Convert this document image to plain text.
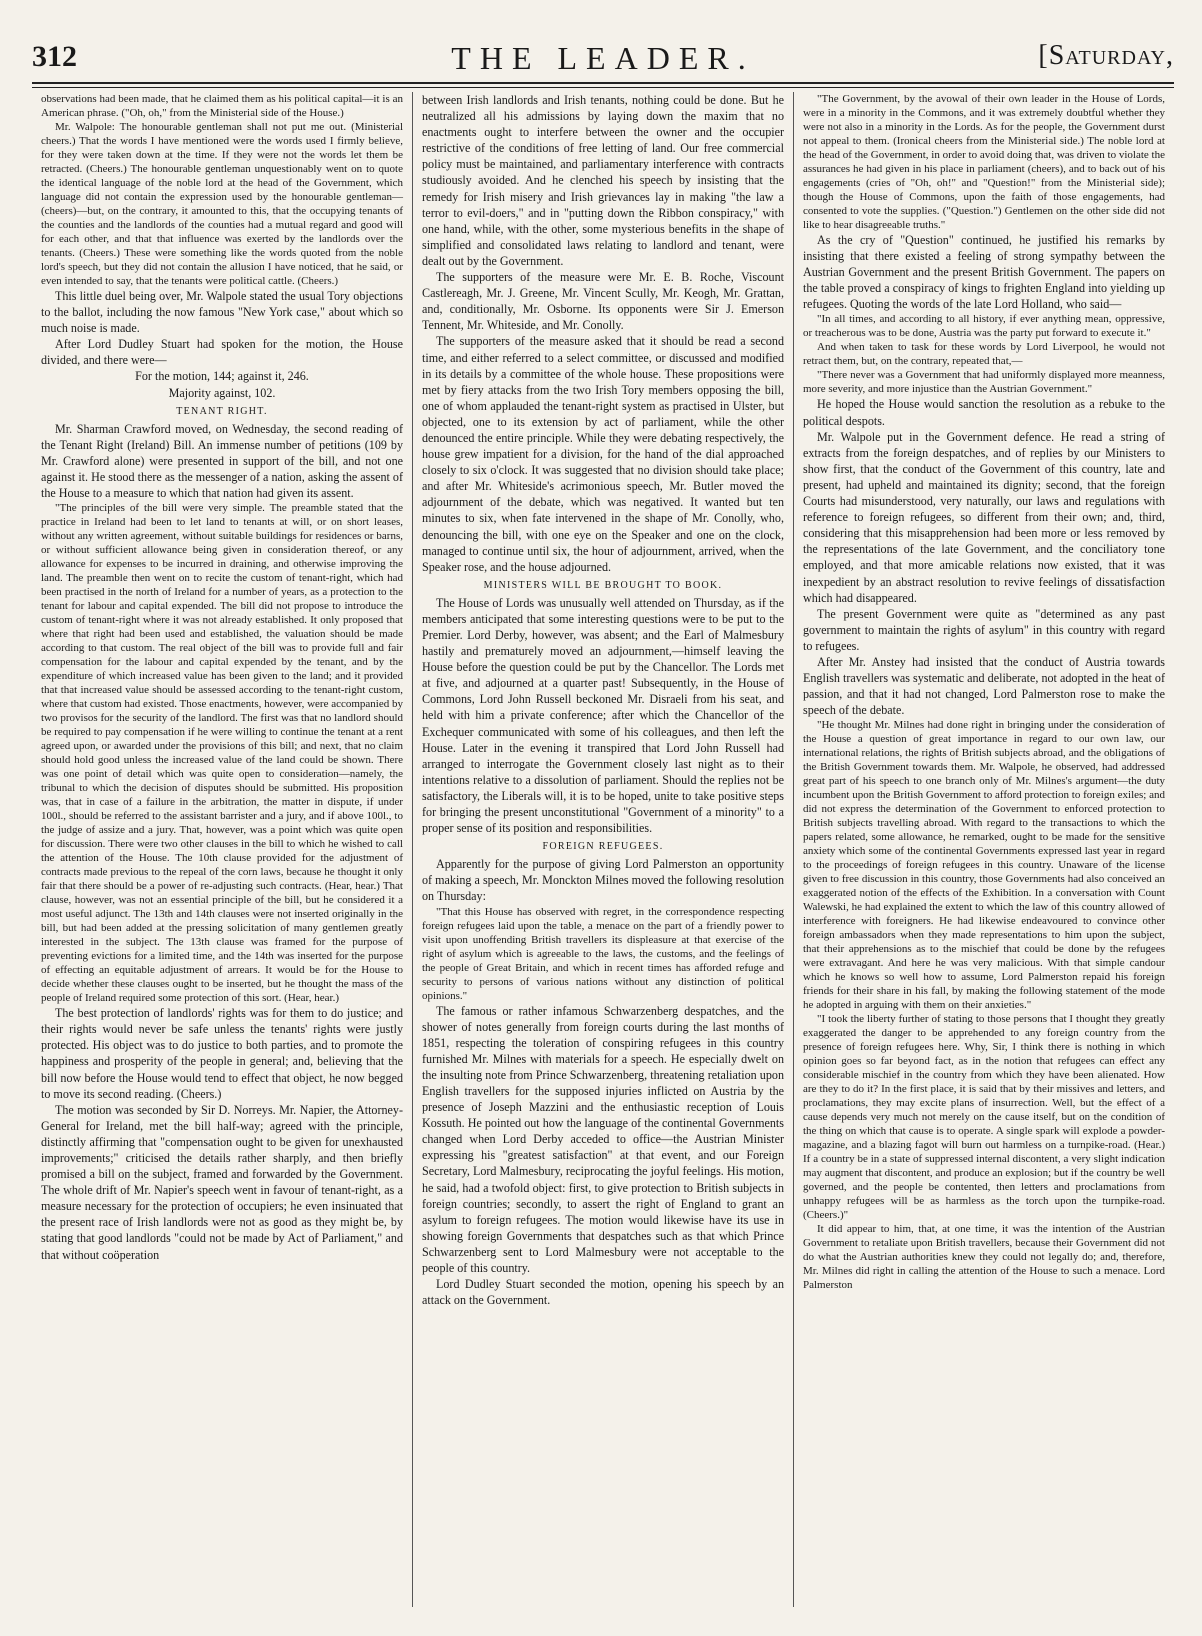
312	THE LEADER.	[Saturday,

observations had been made, that he claimed them as his political capital—it is an American phrase. ("Oh, oh," from the Ministerial side of the House.)

Mr. Walpole: The honourable gentleman shall not put me out. (Ministerial cheers.) That the words I have mentioned were the words used I firmly believe, for they were taken down at the time. If they were not the words let them be retracted. (Cheers.) The honourable gentleman unquestionably went on to quote the identical language of the noble lord at the head of the Government, which language did not contain the expression used by the honourable gentleman—(cheers)—but, on the contrary, it amounted to this, that the occupying tenants of the counties and the landlords of the counties had a mutual regard and good will for each other, and that that influence was exerted by the landlords over the tenants. (Cheers.) These were something like the words quoted from the noble lord's speech, but they did not contain the allusion I have noticed, that he said, or even intended to say, that the tenants were political cattle. (Cheers.)

This little duel being over, Mr. Walpole stated the usual Tory objections to the ballot, including the now famous "New York case," about which so much noise is made.

After Lord Dudley Stuart had spoken for the motion, the House divided, and there were—

For the motion, 144; against it, 246.

Majority against, 102.

TENANT RIGHT.

Mr. Sharman Crawford moved, on Wednesday, the second reading of the Tenant Right (Ireland) Bill. An immense number of petitions (109 by Mr. Crawford alone) were presented in support of the bill, and not one against it. He stood there as the messenger of a nation, asking the assent of the House to a measure to which that nation had given its assent.

"The principles of the bill were very simple. The preamble stated that the practice in Ireland had been to let land to tenants at will, or on short leases, without any written agreement, without suitable buildings for residences or barns, or without sufficient allowance being given in consideration thereof, or any allowance for expenses to be incurred in draining, and otherwise improving the land. The preamble then went on to recite the custom of tenant-right, which had been practised in the north of Ireland for a number of years, as a protection to the tenant for labour and capital expended. The bill did not propose to introduce the custom of tenant-right where it was not already established. It only proposed that where that right had been used and established, the valuation should be made according to that custom. The real object of the bill was to provide full and fair compensation for the labour and capital expended by the tenant, and by the expenditure of which increased value has been given to the land; and it provided that that increased value should be assessed according to the tenant-right custom, where that custom had existed. Those enactments, however, were accompanied by two provisos for the security of the landlord. The first was that no landlord should be required to pay compensation if he were willing to continue the tenant at a rent agreed upon, or awarded under the provisions of this bill; and next, that no claim should hold good unless the increased value of the land could be shown. There was one point of detail which was quite open to consideration—namely, the tribunal to which the decision of disputes should be submitted. His proposition was, that in case of a failure in the arbitration, the matter in dispute, if under 100l., should be referred to the assistant barrister and a jury, and if above 100l., to the judge of assize and a jury. That, however, was a point which was quite open for discussion. There were two other clauses in the bill to which he wished to call the attention of the House. The 10th clause provided for the adjustment of contracts made previous to the repeal of the corn laws, because he thought it only fair that there should be a power of re-adjusting such contracts. (Hear, hear.) That clause, however, was not an essential principle of the bill, but he considered it a most useful adjunct. The 13th and 14th clauses were not inserted originally in the bill, but had been added at the pressing solicitation of many gentlemen greatly interested in the subject. The 13th clause was framed for the purpose of preventing evictions for a limited time, and the 14th was inserted for the purpose of effecting an equitable adjustment of arrears. It would be for the House to decide whether these clauses ought to be inserted, but he thought the mass of the people of Ireland required some protection of this sort. (Hear, hear.)

The best protection of landlords' rights was for them to do justice; and their rights would never be safe unless the tenants' rights were justly protected. His object was to do justice to both parties, and to promote the happiness and prosperity of the people in general; and, believing that the bill now before the House would tend to effect that object, he now begged to move its second reading. (Cheers.)

The motion was seconded by Sir D. Norreys. Mr. Napier, the Attorney-General for Ireland, met the bill half-way; agreed with the principle, distinctly affirming that "compensation ought to be given for unexhausted improvements;" criticised the details rather sharply, and then briefly promised a bill on the subject, framed and forwarded by the Government. The whole drift of Mr. Napier's speech went in favour of tenant-right, as a measure necessary for the protection of occupiers; he even insinuated that the present race of Irish landlords were not as good as they might be, by stating that good landlords "could not be made by Act of Parliament," and that without coöperation

between Irish landlords and Irish tenants, nothing could be done. But he neutralized all his admissions by laying down the maxim that no enactments ought to interfere between the owner and the occupier restrictive of the conditions of free letting of land. Our free commercial policy must be maintained, and parliamentary interference with contracts studiously avoided. And he clenched his speech by insisting that the remedy for Irish misery and Irish grievances lay in making "the law a terror to evil-doers," and in "putting down the Ribbon conspiracy," with one hand, while, with the other, some mysterious benefits in the shape of simplified and consolidated laws relating to landlord and tenant, were dealt out by the Government.

The supporters of the measure were Mr. E. B. Roche, Viscount Castlereagh, Mr. J. Greene, Mr. Vincent Scully, Mr. Keogh, Mr. Grattan, and, conditionally, Mr. Osborne. Its opponents were Sir J. Emerson Tennent, Mr. Whiteside, and Mr. Conolly.

The supporters of the measure asked that it should be read a second time, and either referred to a select committee, or discussed and modified in its details by a committee of the whole house. These propositions were met by fiery attacks from the two Irish Tory members opposing the bill, one of whom applauded the tenant-right system as practised in Ulster, but objected, one to its extension by act of parliament, while the other denounced the entire principle. While they were debating respectively, the house grew impatient for a division, for the hand of the dial approached closely to six o'clock. It was suggested that no division should take place; and after Mr. Whiteside's acrimonious speech, Mr. Butler moved the adjournment of the debate, which was negatived. It wanted but ten minutes to six, when fate intervened in the shape of Mr. Conolly, who, denouncing the bill, with one eye on the Speaker and one on the clock, managed to continue until six, the hour of adjournment, arrived, when the Speaker rose, and the house adjourned.

MINISTERS WILL BE BROUGHT TO BOOK.

The House of Lords was unusually well attended on Thursday, as if the members anticipated that some interesting questions were to be put to the Premier. Lord Derby, however, was absent; and the Earl of Malmesbury hastily and prematurely moved an adjournment,—himself leaving the House before the question could be put by the Chancellor. The Lords met at five, and adjourned at a quarter past! Subsequently, in the House of Commons, Lord John Russell beckoned Mr. Disraeli from his seat, and held with him a private conference; after which the Chancellor of the Exchequer communicated with some of his colleagues, and then left the House. Later in the evening it transpired that Lord John Russell had arranged to interrogate the Government closely last night as to their intentions relative to a dissolution of parliament. Should the replies not be satisfactory, the Liberals will, it is to be hoped, unite to take positive steps for bringing the present unconstitutional "Government of a minority" to a proper sense of its position and responsibilities.

FOREIGN REFUGEES.

Apparently for the purpose of giving Lord Palmerston an opportunity of making a speech, Mr. Monckton Milnes moved the following resolution on Thursday:

"That this House has observed with regret, in the correspondence respecting foreign refugees laid upon the table, a menace on the part of a friendly power to visit upon unoffending British travellers its displeasure at that exercise of the right of asylum which is agreeable to the laws, the customs, and the feelings of the people of Great Britain, and which in recent times has afforded refuge and security to persons of various nations without any distinction of political opinions."

The famous or rather infamous Schwarzenberg despatches, and the shower of notes generally from foreign courts during the last months of 1851, respecting the toleration of conspiring refugees in this country furnished Mr. Milnes with materials for a speech. He especially dwelt on the insulting note from Prince Schwarzenberg, threatening retaliation upon English travellers for the supposed injuries inflicted on Austria by the presence of Joseph Mazzini and the enthusiastic reception of Louis Kossuth. He pointed out how the language of the continental Governments changed when Lord Derby acceded to office—the Austrian Minister expressing his "greatest satisfaction" at that event, and our Foreign Secretary, Lord Malmesbury, reciprocating the joyful feelings. His motion, he said, had a twofold object: first, to give protection to British subjects in foreign countries; secondly, to assert the right of England to grant an asylum to foreign refugees. The motion would likewise have its use in showing foreign Governments that despatches such as that which Prince Schwarzenberg sent to Lord Malmesbury were not acceptable to the people of this country.

Lord Dudley Stuart seconded the motion, opening his speech by an attack on the Government.

"The Government, by the avowal of their own leader in the House of Lords, were in a minority in the Commons, and it was extremely doubtful whether they were not also in a minority in the Lords. As for the people, the Government durst not appeal to them. (Ironical cheers from the Ministerial side.) The noble lord at the head of the Government, in order to avoid doing that, was driven to violate the assurances he had given in his place in parliament (cheers), and to back out of his engagements (cries of "Oh, oh!" and "Question!" from the Ministerial side); though the House of Commons, upon the faith of those engagements, had consented to vote the supplies. ("Question.") Gentlemen on the other side did not like to hear disagreeable truths."

As the cry of "Question" continued, he justified his remarks by insisting that there existed a feeling of strong sympathy between the Austrian Government and the present British Government. The papers on the table proved a conspiracy of kings to frighten England into yielding up refugees. Quoting the words of the late Lord Holland, who said—

"In all times, and according to all history, if ever anything mean, oppressive, or treacherous was to be done, Austria was the party put forward to execute it."

And when taken to task for these words by Lord Liverpool, he would not retract them, but, on the contrary, repeated that,—

"There never was a Government that had uniformly displayed more meanness, more severity, and more injustice than the Austrian Government."

He hoped the House would sanction the resolution as a rebuke to the political despots.

Mr. Walpole put in the Government defence. He read a string of extracts from the foreign despatches, and of replies by our Ministers to show first, that the conduct of the Government of this country, late and present, had upheld and maintained its dignity; second, that the foreign Courts had misunderstood, very naturally, our laws and regulations with reference to foreign refugees, so different from their own; and, third, considering that this misapprehension had been more or less removed by the representations of the late Government, and the conciliatory tone employed, and that more amicable relations now existed, that it was inexpedient by an abstract resolution to revive feelings of dissatisfaction which had disappeared.

The present Government were quite as "determined as any past government to maintain the rights of asylum" in this country with regard to refugees.

After Mr. Anstey had insisted that the conduct of Austria towards English travellers was systematic and deliberate, not adopted in the heat of passion, and that it had not changed, Lord Palmerston rose to make the speech of the debate.

"He thought Mr. Milnes had done right in bringing under the consideration of the House a question of great importance in regard to our own law, our international relations, the rights of British subjects abroad, and the obligations of the British Government towards them. Mr. Walpole, he observed, had addressed great part of his speech to one branch only of Mr. Milnes's argument—the duty incumbent upon the British Government to afford protection to foreign exiles; and did not express the determination of the Government to enforced protection to British subjects travelling abroad. With regard to the transactions to which the papers related, some allowance, he remarked, ought to be made for the sensitive anxiety which some of the continental Governments expressed last year in regard to the proceedings of foreign refugees in this country. Unaware of the license given to free discussion in this country, those Governments had also conceived an exaggerated notion of the effects of the Exhibition. In a conversation with Count Walewski, he had explained the extent to which the law of this country allowed of interference with foreigners. He had likewise endeavoured to convince other foreign ambassadors when they made representations to him upon the subject, that their apprehensions as to the mischief that could be done by the refugees were extravagant. And here he was very malicious. With that simple candour which he knows so well how to assume, Lord Palmerston repaid his foreign friends for their share in his fall, by making the following statement of the mode he adopted in arguing with them on their anxieties."

"I took the liberty further of stating to those persons that I thought they greatly exaggerated the danger to be apprehended to any foreign country from the presence of foreign refugees here. Why, Sir, I think there is nothing in which opinion goes so far beyond fact, as in the notion that refugees can effect any considerable mischief in the country from which they have been alienated. How are they to do it? In the first place, it is said that by their missives and letters, and proclamations, they may excite plans of insurrection. Well, but the effect of a cause depends very much not merely on the cause itself, but on the condition of the thing on which that cause is to operate. A single spark will explode a powder-magazine, and a blazing fagot will burn out harmless on a turnpike-road. (Hear.) If a country be in a state of suppressed internal discontent, a very slight indication may augment that discontent, and produce an explosion; but if the country be well governed, and the people be contented, then letters and proclamations from unhappy refugees will be as harmless as the torch upon the turnpike-road. (Cheers.)"

It did appear to him, that, at one time, it was the intention of the Austrian Government to retaliate upon British travellers, because their Government did not do what the Austrian authorities knew they could not legally do; and, therefore, Mr. Milnes did right in calling the attention of the House to such a menace. Lord Palmerston
